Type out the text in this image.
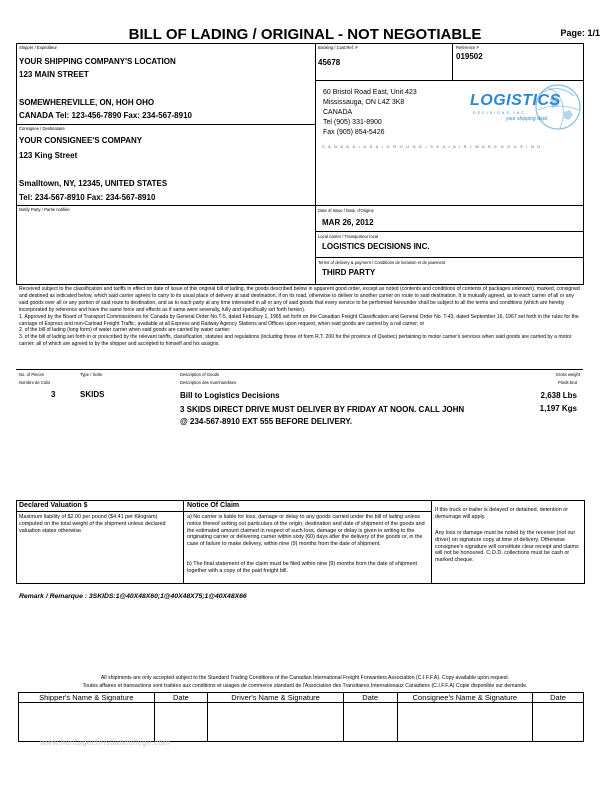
BILL OF LADING / ORIGINAL - NOT NEGOTIABLE	Page: 1/1
Shipper / Expéditeur
YOUR SHIPPING COMPANY'S LOCATION
123 MAIN STREET
SOMEWHEREVILLE, ON, HOH OHO
CANADA Tel: 123-456-7890 Fax: 234-567-8910
Consignee / Destinataire
YOUR CONSIGNEE'S COMPANY
123 King Street
Smalltown, NY, 12345, UNITED STATES
Tel: 234-567-8910 Fax: 234-567-8910
Notify Party / Partie notifiée
Booking / Cust.Ref. #
45678
Reference #
019502
60 Bristol Road East, Unit 423
Mississauga, ON L4Z 3K8
CANADA
Tel (905) 331-8900
Fax (905) 854-5426
LOGISTICS
DECISIONS INC.
your shipping dept.
C A N A D A • U S A • G R O U N D • S E A • A I R • W A R E H O U S I N G
Date of Issue / Date, d'Origine
MAR 26, 2012
Local carrier / Transporteur local
LOGISTICS DECISIONS INC.
Terms of delivery & payment / Conditions de livraison et de paiement
THIRD PARTY

Received subject to the classification and tariffs in effect on date of issue of this original bill of lading, the goods described below in apparent good order, except as noted (contents and conditions of contents of packages unknown), marked, consigned and destined as indicated below, which said carrier agrees to carry to its usual place of delivery at said destination, if on its road, otherwise to deliver to another carrier on route to said destination. It is mutually agreed, as to each carrier of all or any said goods over all or any portion of said route to destination, and as to each party at any time interested in all or any of said goods that every service to be performed hereunder shall be subject to all the terms and conditions (which are hereby incorporated by reference and have the same force and effects as if same were severally, fully and specifically set forth herein).

1. Approved by the Board of Transport Commissioners for Canada by General Order No.T-5, dated February 1, 1965 set forth on the Canadian Freight Classification and General Order No. T-43, dated September 16, 1967 set forth in the rules for the carriage of Express and non-Carload Freight Traffic, available at all Express and Railway Agency Stations and Offices upon request, when said goods are carried by a rail carrier; or

2. of the bill of lading (long form) of water carrier when said goods are carried by water carrier;

3. of the bill of lading set forth in or prescribed by the relevant tariffs, classification, statutes and regulations (including those of form R.T. 200 for the province of Quebec) pertaining to motor carrier's services when said goods are carried by a motor carrier; all of which are agreed to by the shipper and accepted to himself and his assigns.

No. of Pieces
Nombre de Colis
Type / Sorte	Description of Goods
Description des marchandises
Gross weight
Poids brut
3	SKIDS	Bill to Logistics Decisions
3 SKIDS DIRECT DRIVE MUST DELIVER BY FRIDAY AT NOON. CALL JOHN
@ 234-567-8910 EXT 555 BEFORE DELIVERY.
2,638 Lbs
1,197 Kgs
Declared Valuation $
Maximum liability of $2.00 per pound ($4.41 per Kilogram) computed on the total weight of the shipment unless declared valuation states otherwise.
Notice Of Claim
a) No carrier is liable for loss, damage or delay to any goods carried under the bill of lading unless notice thereof setting out particulars of the origin, destination and date of shipment of the goods and the estimated amount claimed in respect of such loss, damage or delay is given in writing to the originating carrier or delivering carrier within sixty (60) days after the delivery of the goods or, in the case of failure to make delivery, within nine (9) months from the date of shipment.
b) The final statement of the claim must be filed within nine (9) months from the date of shipment together with a copy of the paid freight bill.
If this truck or trailer is delayed or detained, detention or demurrage will apply.
Any loss or damage must be noted by the receiver (not our driver) on signature copy at time of delivery. Otherwise consignee's signature will constitute clear receipt and claims will not be honoured. C.O.D. collections must be cash or marked cheque.
Remark / Remarque : 3SKIDS:1@40X48X60;1@40X48X75;1@40X48X66
All shipments are only accepted subject to the Standard Trading Conditions of the Canadian International Freight Forwarders Association (C.I.F.F.A). Copy available upon request.
Toutes affaires et transactions sont traitées aux conditions et usages de commerce standard de l'Association des Transitaires Internationaux Canadiens (C.I.F.F.A) Copie disponible sur demande.
Shipper's Name & Signature	Date	Driver's Name & Signature	Date	Consignee's Name & Signature	Date

www.heritagechristiancollege.com
